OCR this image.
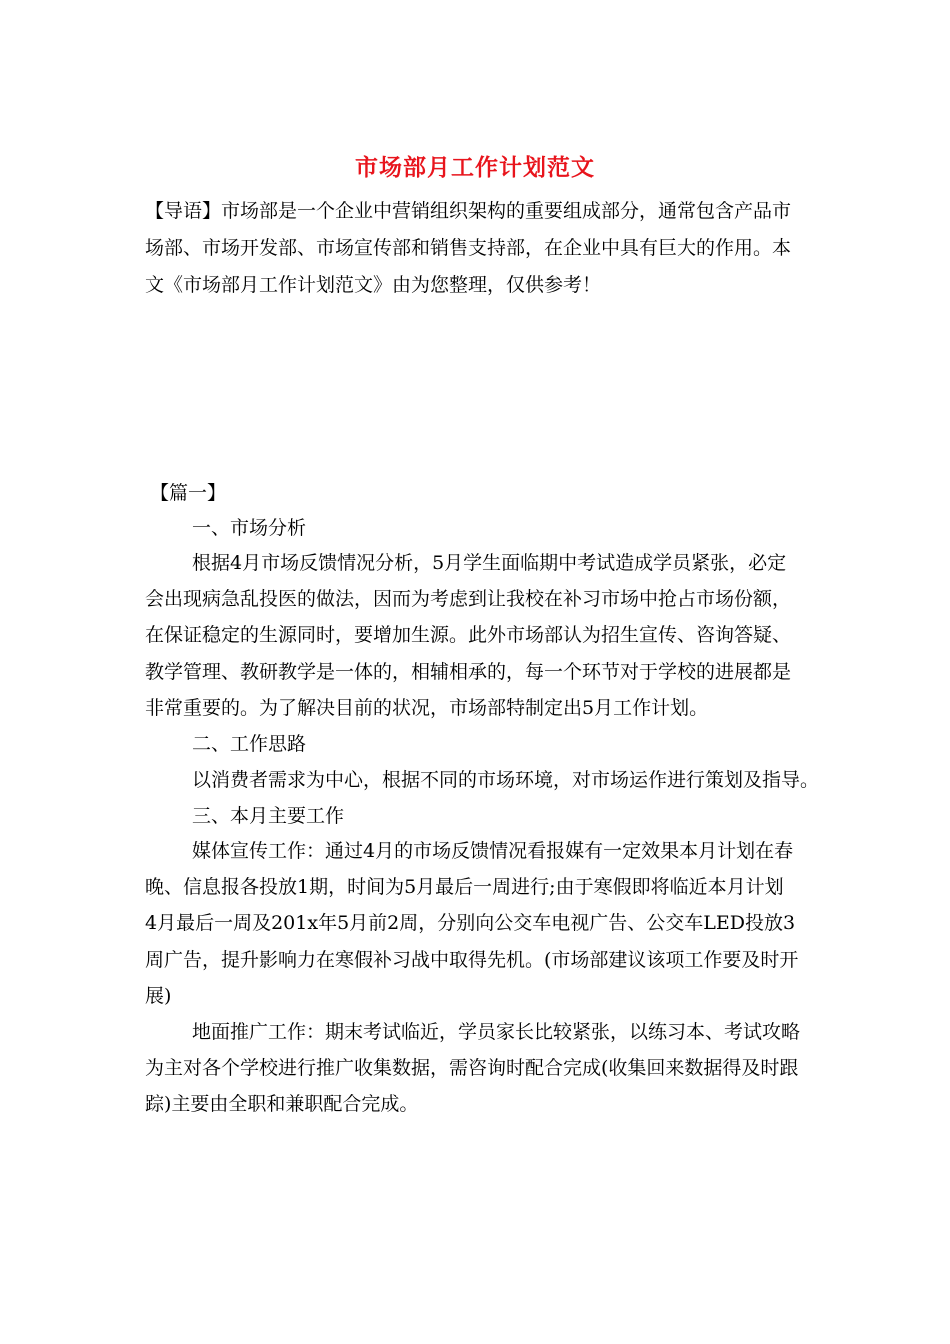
市场部月工作计划范文
【导语】市场部是一个企业中营销组织架构的重要组成部分，通常包含产品市
场部、市场开发部、市场宣传部和销售支持部，在企业中具有巨大的作用。本
文《市场部月工作计划范文》由为您整理，仅供参考！
【篇一】
一、市场分析
根据4月市场反馈情况分析，5月学生面临期中考试造成学员紧张，必定
会出现病急乱投医的做法，因而为考虑到让我校在补习市场中抢占市场份额，
在保证稳定的生源同时，要增加生源。此外市场部认为招生宣传、咨询答疑、
教学管理、教研教学是一体的，相辅相承的，每一个环节对于学校的进展都是
非常重要的。为了解决目前的状况，市场部特制定出5月工作计划。
二、工作思路
以消费者需求为中心，根据不同的市场环境，对市场运作进行策划及指导。
三、本月主要工作
媒体宣传工作：通过4月的市场反馈情况看报媒有一定效果本月计划在春
晚、信息报各投放1期，时间为5月最后一周进行;由于寒假即将临近本月计划
4月最后一周及201x年5月前2周，分别向公交车电视广告、公交车LED投放3
周广告，提升影响力在寒假补习战中取得先机。(市场部建议该项工作要及时开
展)
地面推广工作：期末考试临近，学员家长比较紧张，以练习本、考试攻略
为主对各个学校进行推广收集数据，需咨询时配合完成(收集回来数据得及时跟
踪)主要由全职和兼职配合完成。
